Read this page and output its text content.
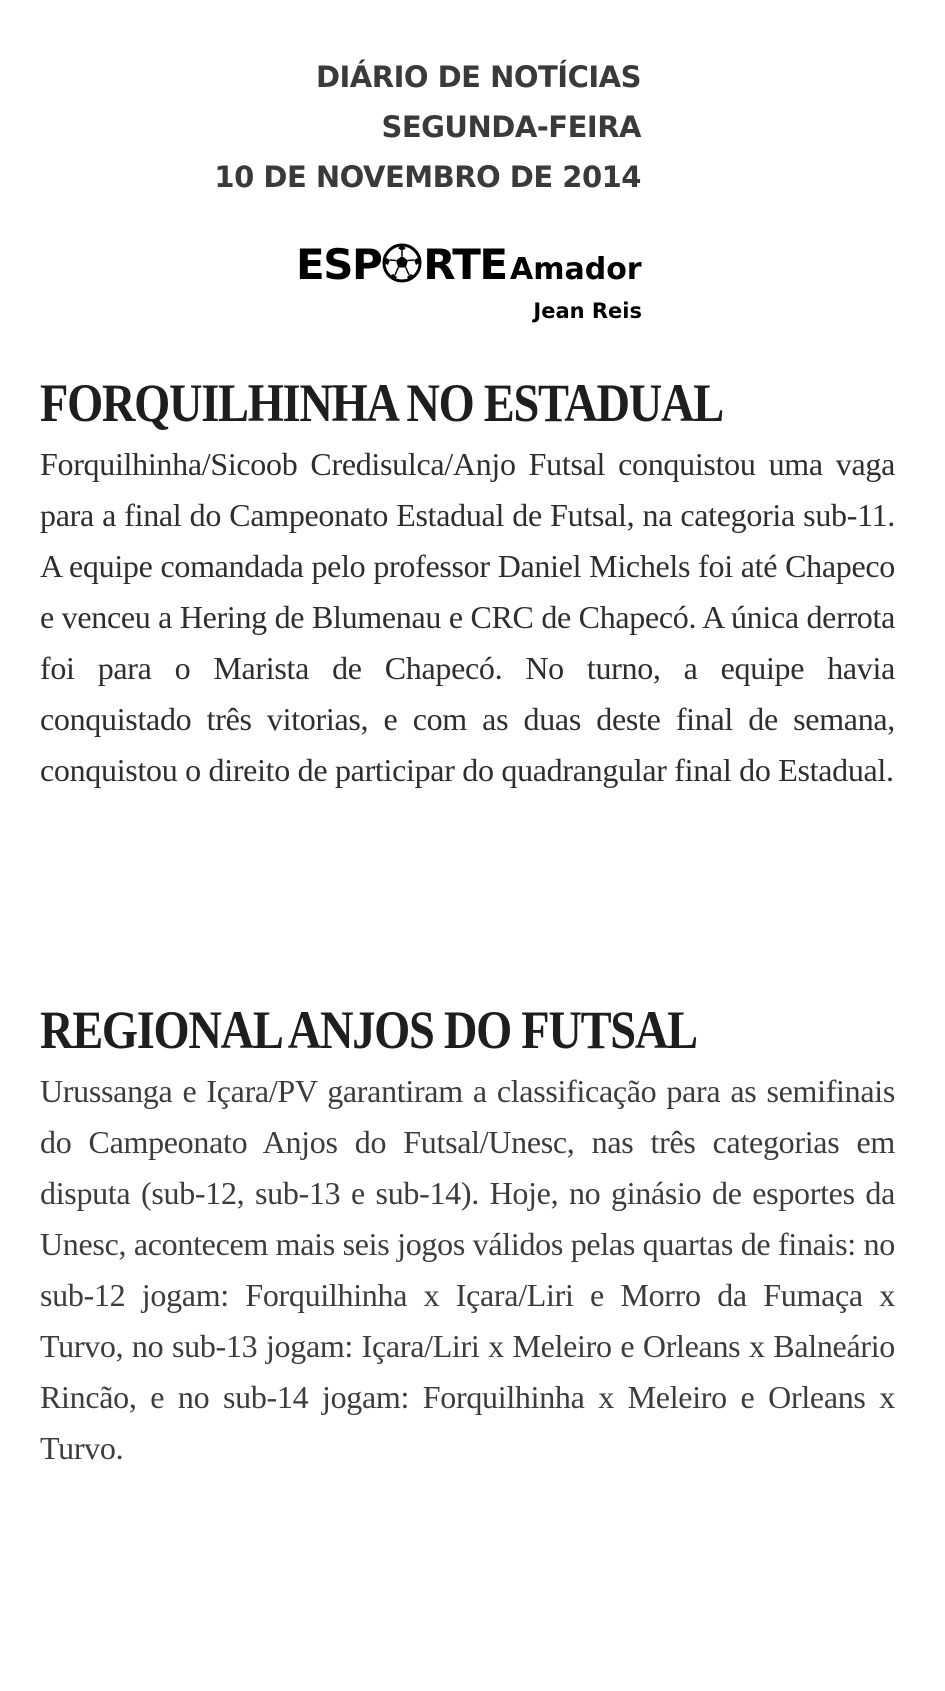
DIÁRIO DE NOTÍCIAS
SEGUNDA-FEIRA
10 DE NOVEMBRO DE 2014
ESP RTE Amador
Jean Reis
FORQUILHINHA NO ESTADUAL

Forquilhinha/Sicoob Credisulca/Anjo Futsal conquistou uma vaga para a final do Campeonato Estadual de Futsal, na categoria sub-11. A equipe comandada pelo professor Daniel Michels foi até Chapeco e venceu a Hering de Blumenau e CRC de Chapecó. A única derrota foi para o Marista de Chapecó. No turno, a equipe havia conquistado três vitorias, e com as duas deste final de semana, conquistou o direito de participar do quadrangular final do Estadual.

REGIONAL ANJOS DO FUTSAL

Urussanga e Içara/PV garantiram a classificação para as semifinais do Campeonato Anjos do Futsal/Unesc, nas três categorias em disputa (sub-12, sub-13 e sub-14). Hoje, no ginásio de esportes da Unesc, acontecem mais seis jogos válidos pelas quartas de finais: no sub-12 jogam: Forquilhinha x Içara/Liri e Morro da Fumaça x Turvo, no sub-13 jogam: Içara/Liri x Meleiro e Orleans x Balneário Rincão, e no sub-14 jogam: Forquilhinha x Meleiro e Orleans x Turvo.
